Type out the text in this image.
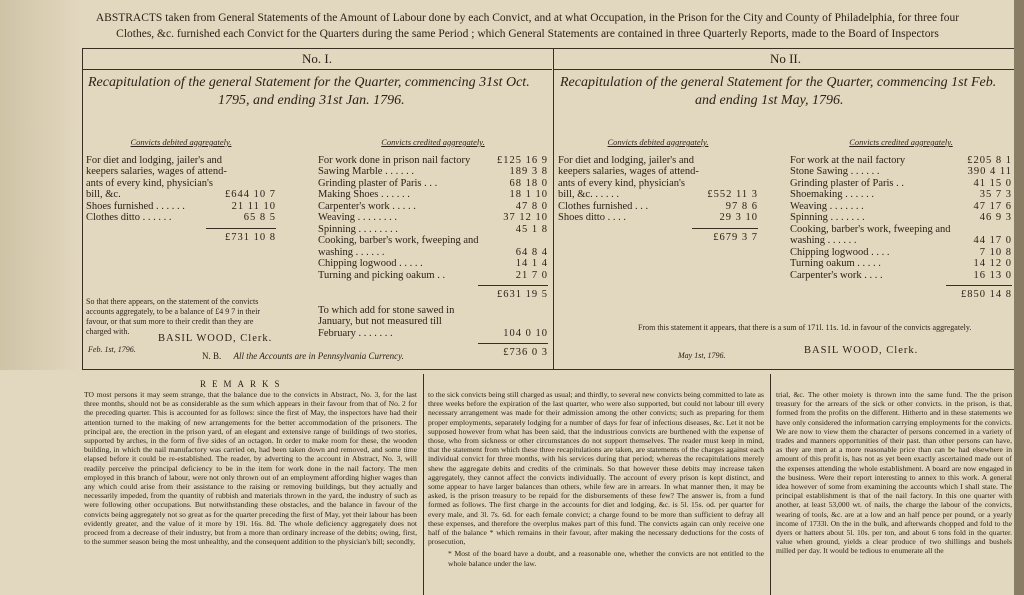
ABSTRACTS taken from General Statements of the Amount of Labour done by each Convict, and at what Occupation, in the Prison for the City and County of Philadelphia, for three four
Clothes, &c. furnished each Convict for the Quarters during the same Period ; which General Statements are contained in three Quarterly Reports, made to the Board of Inspectors
No. I.
Recapitulation of the general Statement for the Quarter, commencing 31st Oct.
1795, and ending 31st Jan. 1796.
Convicts debited aggregately.
For diet and lodging, jailer's and
keepers salaries, wages of attend-
ants of every kind, physician's
bill, &c.	£644 10 7
Shoes furnished . . . . . .	21 11 10
Clothes ditto . . . . . .	65 8 5
£731 10 8
Convicts credited aggregately.
For work done in prison nail factory	£125 16 9
Sawing Marble . . . . . .	189 3 8
Grinding plaster of Paris . . .	68 18 0
Making Shoes . . . . . .	18 1 10
Carpenter's work . . . . .	47 8 0
Weaving . . . . . . . .	37 12 10
Spinning . . . . . . . .	45 1 8
Cooking, barber's work, fweeping and
washing . . . . . .	64 8 4
Chipping logwood . . . . .	14 1 4
Turning and picking oakum . .	21 7 0
£631 19 5
To which add for stone sawed in
January, but not measured till
February . . . . . . .	104 0 10
£736 0 3
So that there appears, on the statement of the convicts accounts aggregately, to be a balance of £4 9 7 in their favour, or that sum more to their credit than they are charged with.
BASIL WOOD, Clerk.
Feb. 1st, 1796.
N. B. All the Accounts are in Pennsylvania Currency.
No II.
Recapitulation of the general Statement for the Quarter, commencing 1st Feb.
and ending 1st May, 1796.
Convicts debited aggregately.
For diet and lodging, jailer's and
keepers salaries, wages of attend-
ants of every kind, physician's
bill, &c. . . . . .	£552 11 3
Clothes furnished . . .	97 8 6
Shoes ditto . . . .	29 3 10
£679 3 7
Convicts credited aggregately.
For work at the nail factory	£205 8 1
Stone Sawing . . . . . .	390 4 11
Grinding plaster of Paris . .	41 15 0
Shoemaking . . . . . .	35 7 3
Weaving . . . . . . .	47 17 6
Spinning . . . . . . .	46 9 3
Cooking, barber's work, fweeping and
washing . . . . . .	44 17 0
Chipping logwood . . . .	7 10 8
Turning oakum . . . . .	14 12 0
Carpenter's work . . . .	16 13 0
£850 14 8
From this statement it appears, that there is a sum of 171l. 11s. 1d. in favour of the convicts aggregately.
May 1st, 1796.	BASIL WOOD, Clerk.
REMARKS
TO most persons it may seem strange, that the balance due to the convicts in Abstract, No. 3, for the last three months, should not be as considerable as the sum which appears in their favour from that of No. 2 for the preceding quarter. This is accounted for as follows: since the first of May, the inspectors have had their attention turned to the making of new arrangements for the better accommodation of the prisoners. The principal are, the erection in the prison yard, of an elegant and extensive range of buildings of two stories, supported by arches, in the form of five sides of an octagon. In order to make room for these, the wooden building, in which the nail manufactory was carried on, had been taken down and removed, and some time elapsed before it could be re-established. The reader, by adverting to the account in Abstract, No. 3, will readily perceive the principal deficiency to be in the item for work done in the nail factory. The men employed in this branch of labour, were not only thrown out of an employment affording higher wages than any which could arise from their assistance to the raising or removing buildings, but they actually and necessarily impeded, from the quantity of rubbish and materials thrown in the yard, the industry of such as were following other occupations. But notwithstanding these obstacles, and the balance in favour of the convicts being aggregately not so great as for the quarter preceding the first of May, yet their labour has been evidently greater, and the value of it more by 19l. 16s. 8d. The whole deficiency aggregately does not proceed from a decrease of their industry, but from a more than ordinary increase of the debits; owing, first, to the summer season being the most unhealthy, and the consequent addition to the physician's bill; secondly,
to the sick convicts being still charged as usual; and thirdly, to several new convicts being committed to late as three weeks before the expiration of the last quarter, who were also supported, but could not labour till every necessary arrangement was made for their admission among the other convicts; such as preparing for them proper employments, separately lodging for a number of days for fear of infectious diseases, &c. Let it not be supposed however from what has been said, that the industrious convicts are burthened with the expense of those, who from sickness or other circumstances do not support themselves. The reader must keep in mind, that the statement from which these three recapitulations are taken, are statements of the charges against each individual convict for three months, with his services during that period; whereas the recapitulations merely shew the aggregate debits and credits of the criminals. So that however these debits may increase taken aggregately, they cannot affect the convicts individually. The account of every prison is kept distinct, and some appear to have larger balances than others, while few are in arrears. In what manner then, it may be asked, is the prison treasury to be repaid for the disbursements of these few? The answer is, from a fund formed as follows. The first charge in the accounts for diet and lodging, &c. is 5l. 15s. od. per quarter for every male, and 3l. 7s. 6d. for each female convict; a charge found to be more than sufficient to defray all these expenses, and therefore the overplus makes part of this fund. The convicts again can only receive one half of the balance * which remains in their favour, after making the necessary deductions for the costs of prosecution,
* Most of the board have a doubt, and a reasonable one, whether the convicts are not entitled to the whole balance under the law.
trial, &c. The other moiety is thrown into the same fund. The the prison treasury for the arrears of the sick or other convicts. in the prison, is that, formed from the profits on the different. Hitherto and in these statements we have only considered the information carrying employments for the convicts. We are now to view them the character of persons concerned in a variety of trades and manners opportunities of their past. than other persons can have, as they are men at a more reasonable price than can be had elsewhere in amount of this profit is, has not as yet been exactly ascertained made out of the expenses attending the whole establishment. A board are now engaged in the business. Were their report interesting to annex to this work. A general idea however of some from examining the accounts which I shall state. The principal establishment is that of the nail factory. In this one quarter with another, at least 53,000 wt. of nails, the charge the labour of the convicts, wearing of tools, &c. are at a low and an half pence per pound, or a yearly income of 1733l. On the in the bulk, and afterwards chopped and fold to the dyers or hatters about 5l. 10s. per ton, and about 6 tons fold in the quarter. value when ground, yields a clear produce of two shillings and bushels milled per day. It would be tedious to enumerate all the
